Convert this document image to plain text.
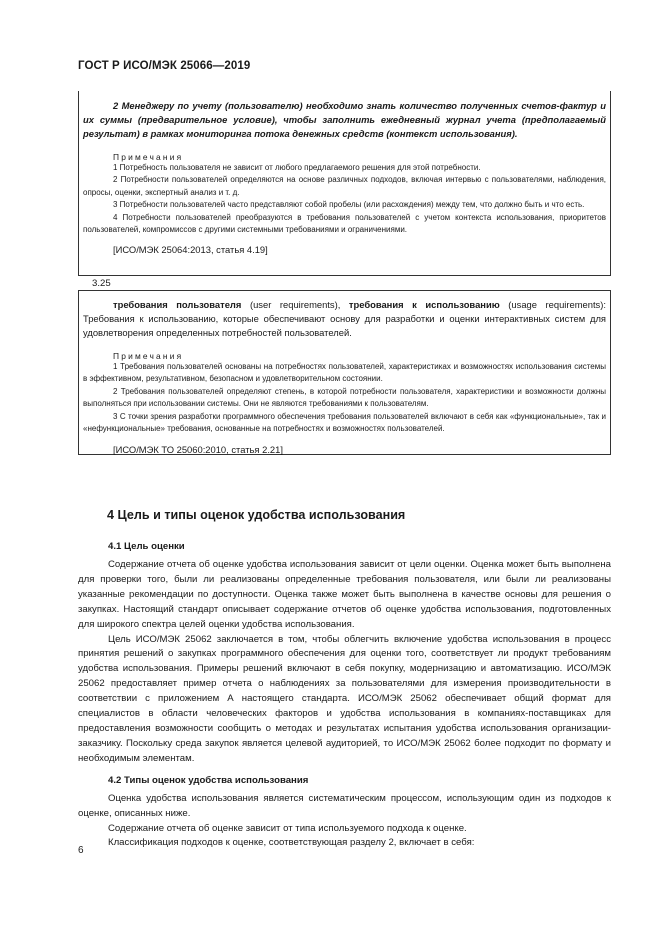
ГОСТ Р ИСО/МЭК 25066—2019

2 Менеджеру по учету (пользователю) необходимо знать количество полученных счетов-фактур и их суммы (предварительное условие), чтобы заполнить ежедневный журнал учета (предполагаемый результат) в рамках мониторинга потока денежных средств (контекст использования).

Примечания

1 Потребность пользователя не зависит от любого предлагаемого решения для этой потребности.

2 Потребности пользователей определяются на основе различных подходов, включая интервью с пользователями, наблюдения, опросы, оценки, экспертный анализ и т. д.

3 Потребности пользователей часто представляют собой пробелы (или расхождения) между тем, что должно быть и что есть.

4 Потребности пользователей преобразуются в требования пользователей с учетом контекста использования, приоритетов пользователей, компромиссов с другими системными требованиями и ограничениями.

[ИСО/МЭК 25064:2013, статья 4.19]

3.25

требования пользователя (user requirements), требования к использованию (usage requirements): Требования к использованию, которые обеспечивают основу для разработки и оценки интерактивных систем для удовлетворения определенных потребностей пользователей.

Примечания

1 Требования пользователей основаны на потребностях пользователей, характеристиках и возможностях использования системы в эффективном, результативном, безопасном и удовлетворительном состоянии.

2 Требования пользователей определяют степень, в которой потребности пользователя, характеристики и возможности должны выполняться при использовании системы. Они не являются требованиями к пользователям.

3 С точки зрения разработки программного обеспечения требования пользователей включают в себя как «функциональные», так и «нефункциональные» требования, основанные на потребностях и возможностях пользователей.

[ИСО/МЭК ТО 25060:2010, статья 2.21]

4 Цель и типы оценок удобства использования

4.1 Цель оценки

Содержание отчета об оценке удобства использования зависит от цели оценки. Оценка может быть выполнена для проверки того, были ли реализованы определенные требования пользователя, или были ли реализованы указанные рекомендации по доступности. Оценка также может быть выполнена в качестве основы для решения о закупках. Настоящий стандарт описывает содержание отчетов об оценке удобства использования, подготовленных для широкого спектра целей оценки удобства использования.

Цель ИСО/МЭК 25062 заключается в том, чтобы облегчить включение удобства использования в процесс принятия решений о закупках программного обеспечения для оценки того, соответствует ли продукт требованиям удобства использования. Примеры решений включают в себя покупку, модернизацию и автоматизацию. ИСО/МЭК 25062 предоставляет пример отчета о наблюдениях за пользователями для измерения производительности в соответствии с приложением А настоящего стандарта. ИСО/МЭК 25062 обеспечивает общий формат для специалистов в области человеческих факторов и удобства использования в компаниях-поставщиках для предоставления возможности сообщить о методах и результатах испытания удобства использования организации-заказчику. Поскольку среда закупок является целевой аудиторией, то ИСО/МЭК 25062 более подходит по формату и необходимым элементам.

4.2 Типы оценок удобства использования

Оценка удобства использования является систематическим процессом, использующим один из подходов к оценке, описанных ниже.

Содержание отчета об оценке зависит от типа используемого подхода к оценке.

Классификация подходов к оценке, соответствующая разделу 2, включает в себя:

6
